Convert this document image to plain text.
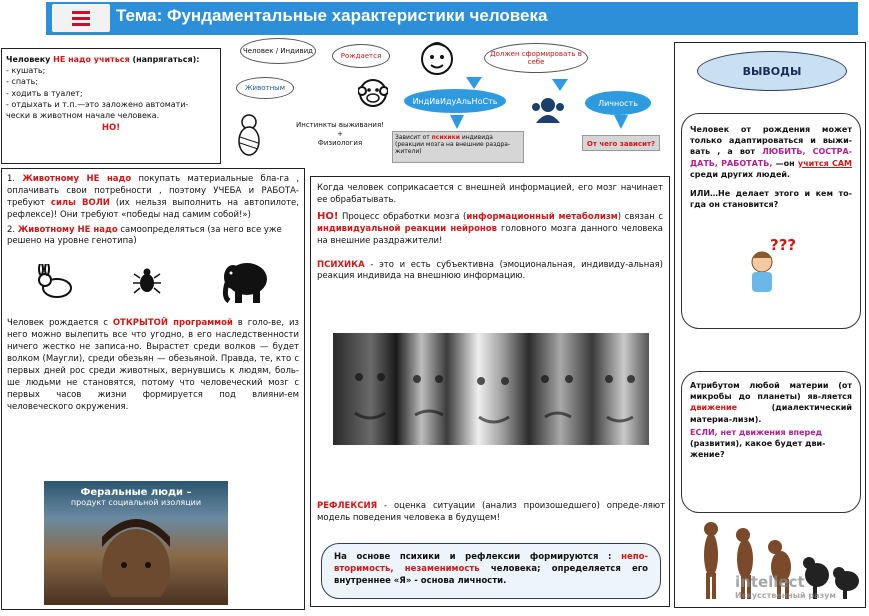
Тема: Фундаментальные характеристики человека
Человеку НЕ надо учиться (напрягаться):
- кушать;
- спать;
- ходить в туалет;
- отдыхать и т.п.—это заложено автомати-
чески в животном начале человека.
НО!
Человек / Индивид
Рождается	Должен сформировать в себе
Животным
ИндИвИдуАльНоСть	Личность
Инстинкты выживания!
+
Физиология
Зависит от психики индивида (реакции мозга на внешние раздра-жители)
От чего зависит?
1. Животному НЕ надо покупать материальные бла-га , оплачивать свои потребности , поэтому УЧЕБА и РАБОТА- требуют силы ВОЛИ (их нельзя выполнить на автопилоте, рефлексе)! Они требуют «победы над самим собой!»)
2. Животному НЕ надо самоопределяться (за него все уже решено на уровне генотипа)
Человек рождается с ОТКРЫТОЙ программой в голо-ве, из него можно вылепить все что угодно, в его наследственности ничего жестко не записа-но. Вырастет среди волков — будет волком (Маугли), среди обезьян — обезьяной. Правда, те, кто с первых дней рос среди животных, вернувшись к людям, боль-ше людьми не становятся, потому что человеческий мозг с первых часов жизни формируется под влияни-ем человеческого окружения.
Феральные люди –
продукт социальной изоляции
Когда человек соприкасается с внешней информацией, его мозг начинает ее обрабатывать.
НО! Процесс обработки мозга (информационный метаболизм) связан с индивидуальной реакции нейронов головного мозга данного человека на внешние раздражители!
ПСИХИКА - это и есть субъективна (эмоциональная, индивиду-альная) реакция индивида на внешнюю информацию.
РЕФЛЕКСИЯ - оценка ситуации (анализ произошедшего) опреде-ляют модель поведения человека в будущем!
На основе психики и рефлексии формируются : непо-вторимость, незаменимость человека; определяется его внутреннее «Я» - основа личности.
ВЫВОДЫ
Человек от рождения может только адаптироваться и выжи-вать , а вот ЛЮБИТЬ, СОСТРА-ДАТЬ, РАБОТАТЬ, —он учится САМ среди других людей.
ИЛИ…Не делает этого и кем то-гда он становится?
???
Атрибутом любой материи (от микробы до планеты) яв-ляется движение (диалектический материа-лизм).
ЕСЛИ, нет движения вперед (развития), какое будет дви-жение?
intellect
Искусственный разум
